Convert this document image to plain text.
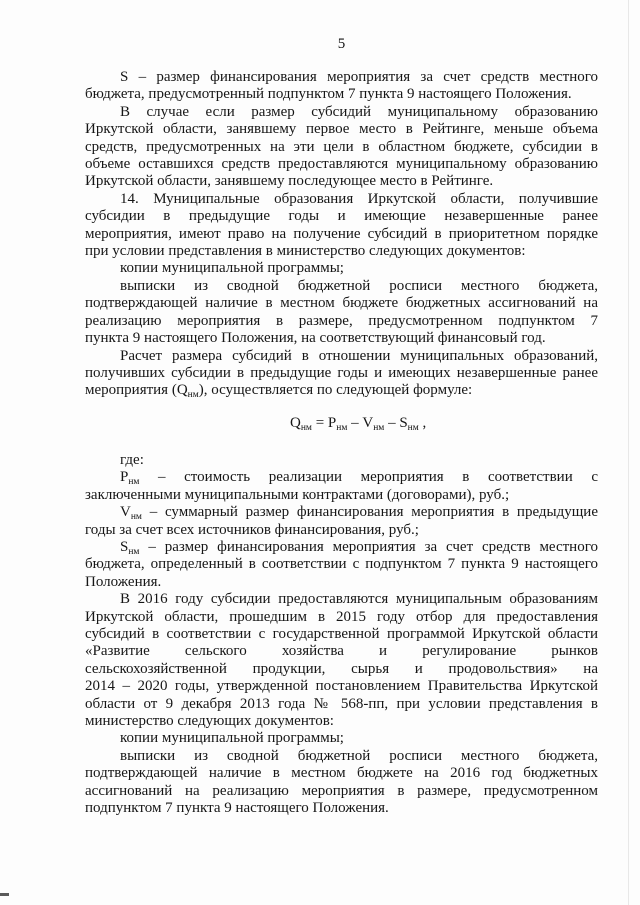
5
S – размер финансирования мероприятия за счет средств местного
бюджета, предусмотренный подпунктом 7 пункта 9 настоящего Положения.
В случае если размер субсидий муниципальному образованию
Иркутской области, занявшему первое место в Рейтинге, меньше объема
средств, предусмотренных на эти цели в областном бюджете, субсидии в
объеме оставшихся средств предоставляются муниципальному образованию
Иркутской области, занявшему последующее место в Рейтинге.
14. Муниципальные образования Иркутской области, получившие
субсидии в предыдущие годы и имеющие незавершенные ранее
мероприятия, имеют право на получение субсидий в приоритетном порядке
при условии представления в министерство следующих документов:
копии муниципальной программы;
выписки из сводной бюджетной росписи местного бюджета,
подтверждающей наличие в местном бюджете бюджетных ассигнований на
реализацию мероприятия в размере, предусмотренном подпунктом 7
пункта 9 настоящего Положения, на соответствующий финансовый год.
Расчет размера субсидий в отношении муниципальных образований,
получивших субсидии в предыдущие годы и имеющих незавершенные ранее
мероприятия $(Q_{нм})$, осуществляется по следующей формуле:
$Q_{нм} = P_{нм} - V_{нм} - S_{нм}$ ,
где:
$P_{нм}$ – стоимость реализации мероприятия в соответствии с
заключенными муниципальными контрактами (договорами), руб.;
$V_{нм}$ – суммарный размер финансирования мероприятия в предыдущие
годы за счет всех источников финансирования, руб.;
$S_{нм}$ – размер финансирования мероприятия за счет средств местного
бюджета, определенный в соответствии с подпунктом 7 пункта 9 настоящего
Положения.
В 2016 году субсидии предоставляются муниципальным образованиям
Иркутской области, прошедшим в 2015 году отбор для предоставления
субсидий в соответствии с государственной программой Иркутской области
«Развитие сельского хозяйства и регулирование рынков
сельскохозяйственной продукции, сырья и продовольствия» на
2014 – 2020 годы, утвержденной постановлением Правительства Иркутской
области от 9 декабря 2013 года № 568-пп, при условии представления в
министерство следующих документов:
копии муниципальной программы;
выписки из сводной бюджетной росписи местного бюджета,
подтверждающей наличие в местном бюджете на 2016 год бюджетных
ассигнований на реализацию мероприятия в размере, предусмотренном
подпунктом 7 пункта 9 настоящего Положения.
